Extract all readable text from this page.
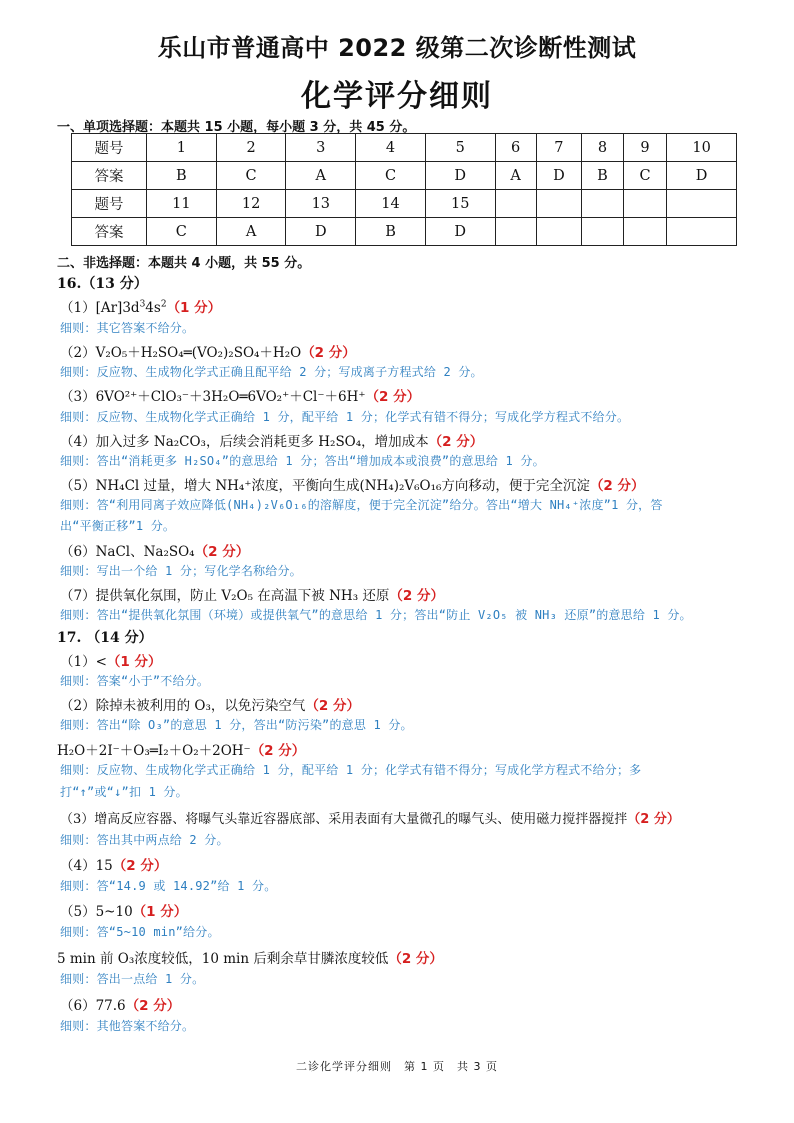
乐山市普通高中 2022 级第二次诊断性测试
化学评分细则
一、单项选择题：本题共 15 小题，每小题 3 分，共 45 分。
题号	1	2	3	4	5	6	7	8	9	10
答案	B	C	A	C	D	A	D	B	C	D
题号	11	12	13	14	15					
答案	C	A	D	B	D					
二、非选择题：本题共 4 小题，共 55 分。
16.（13 分）
$(1)[Ar]3d^34s^2(1$ 分）
细则：其它答案不给分。
（2）V₂O₅＋H₂SO₄═(VO₂)₂SO₄＋H₂O（2 分）
细则：反应物、生成物化学式正确且配平给 2 分；写成离子方程式给 2 分。
（3）6VO²⁺＋ClO₃⁻＋3H₂O═6VO₂⁺＋Cl⁻＋6H⁺（2 分）
细则：反应物、生成物化学式正确给 1 分，配平给 1 分；化学式有错不得分；写成化学方程式不给分。
（4）加入过多 Na₂CO₃，后续会消耗更多 H₂SO₄，增加成本（2 分）
细则：答出“消耗更多 H₂SO₄”的意思给 1 分；答出“增加成本或浪费”的意思给 1 分。
（5）NH₄Cl 过量，增大 NH₄⁺浓度，平衡向生成(NH₄)₂V₆O₁₆方向移动，便于完全沉淀（2 分）
细则：答“利用同离子效应降低(NH₄)₂V₆O₁₆的溶解度，便于完全沉淀”给分。答出“增大 NH₄⁺浓度”1 分，答
出“平衡正移”1 分。
（6）NaCl、Na₂SO₄（2 分）
细则：写出一个给 1 分；写化学名称给分。
（7）提供氧化氛围，防止 V₂O₅ 在高温下被 NH₃ 还原（2 分）
细则：答出“提供氧化氛围（环境）或提供氧气”的意思给 1 分；答出“防止 V₂O₅ 被 NH₃ 还原”的意思给 1 分。
17. （14 分）
（1）<（1 分）
细则：答案“小于”不给分。
（2）除掉未被利用的 O₃，以免污染空气（2 分）
细则：答出“除 O₃”的意思 1 分，答出“防污染”的意思 1 分。
H₂O＋2I⁻＋O₃═I₂＋O₂＋2OH⁻（2 分）
细则：反应物、生成物化学式正确给 1 分，配平给 1 分；化学式有错不得分；写成化学方程式不给分；多
打“↑”或“↓”扣 1 分。
（3）增高反应容器、将曝气头靠近容器底部、采用表面有大量微孔的曝气头、使用磁力搅拌器搅拌（2 分）
细则：答出其中两点给 2 分。
（4）15（2 分）
细则：答“14.9 或 14.92”给 1 分。
（5）5~10（1 分）
细则：答“5~10 min”给分。
5 min 前 O₃浓度较低，10 min 后剩余草甘膦浓度较低（2 分）
细则：答出一点给 1 分。
（6）77.6（2 分）
细则：其他答案不给分。
二诊化学评分细则　第 1 页　共 3 页
